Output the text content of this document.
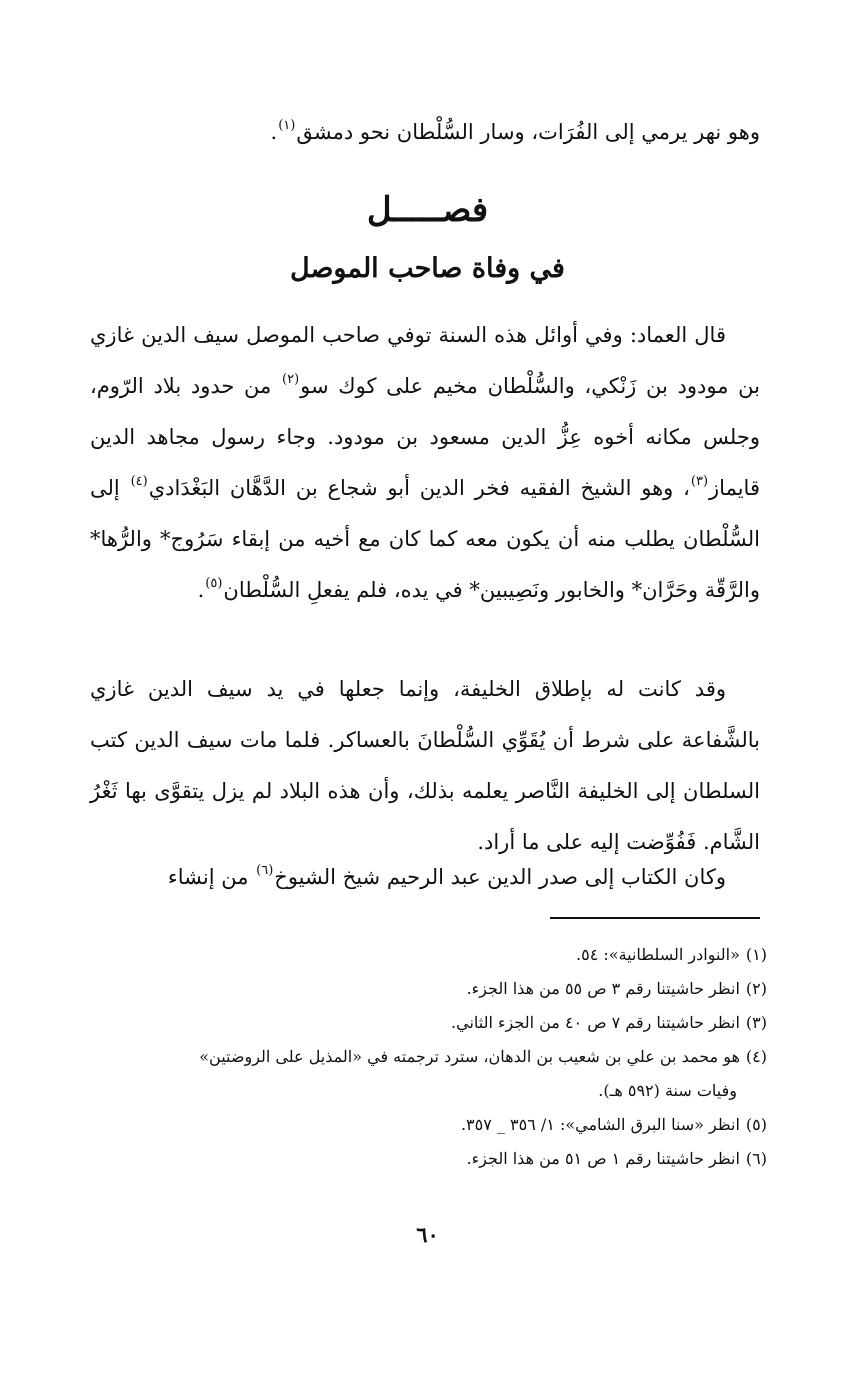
وهو نهر يرمي إلى الفُرَات، وسار السُّلْطان نحو دمشق$^{(١)}$.
فصـــــل
في وفاة صاحب الموصل
قال العماد: وفي أوائل هذه السنة توفي صاحب الموصل سيف الدين غازي بن مودود بن زَنْكي، والسُّلْطان مخيم على كوك سو$^{(٢)}$ من حدود بلاد الرّوم، وجلس مكانه أخوه عِزُّ الدين مسعود بن مودود. وجاء رسول مجاهد الدين قايماز$^{(٣)}$، وهو الشيخ الفقيه فخر الدين أبو شجاع بن الدَّهَّان البَغْدَادي$^{(٤)}$ إلى السُّلْطان يطلب منه أن يكون معه كما كان مع أخيه من إبقاء سَرُوج* والرُّها* والرَّقّة وحَرَّان* والخابور ونَصِيبين* في يده، فلم يفعلِ السُّلْطان$^{(٥)}$.
وقد كانت له بإطلاق الخليفة، وإنما جعلها في يد سيف الدين غازي بالشَّفاعة على شرط أن يُقَوِّي السُّلْطانَ بالعساكر. فلما مات سيف الدين كتب السلطان إلى الخليفة النَّاصر يعلمه بذلك، وأن هذه البلاد لم يزل يتقوَّى بها ثَغْرُ الشَّام. فَفُوِّضت إليه على ما أراد.
وكان الكتاب إلى صدر الدين عبد الرحيم شيخ الشيوخ$^{(٦)}$ من إنشاء

(١)«النوادر السلطانية»: ٥٤.

(٢)انظر حاشيتنا رقم ٣ ص ٥٥ من هذا الجزء.

(٣)انظر حاشيتنا رقم ٧ ص ٤٠ من الجزء الثاني.

(٤)هو محمد بن علي بن شعيب بن الدهان، سترد ترجمته في «المذيل على الروضتين»

وفيات سنة (٥٩٢ هـ).

(٥)انظر «سنا البرق الشامي»: ١/ ٣٥٦ _ ٣٥٧.

(٦)انظر حاشيتنا رقم ١ ص ٥١ من هذا الجزء.

٦٠
